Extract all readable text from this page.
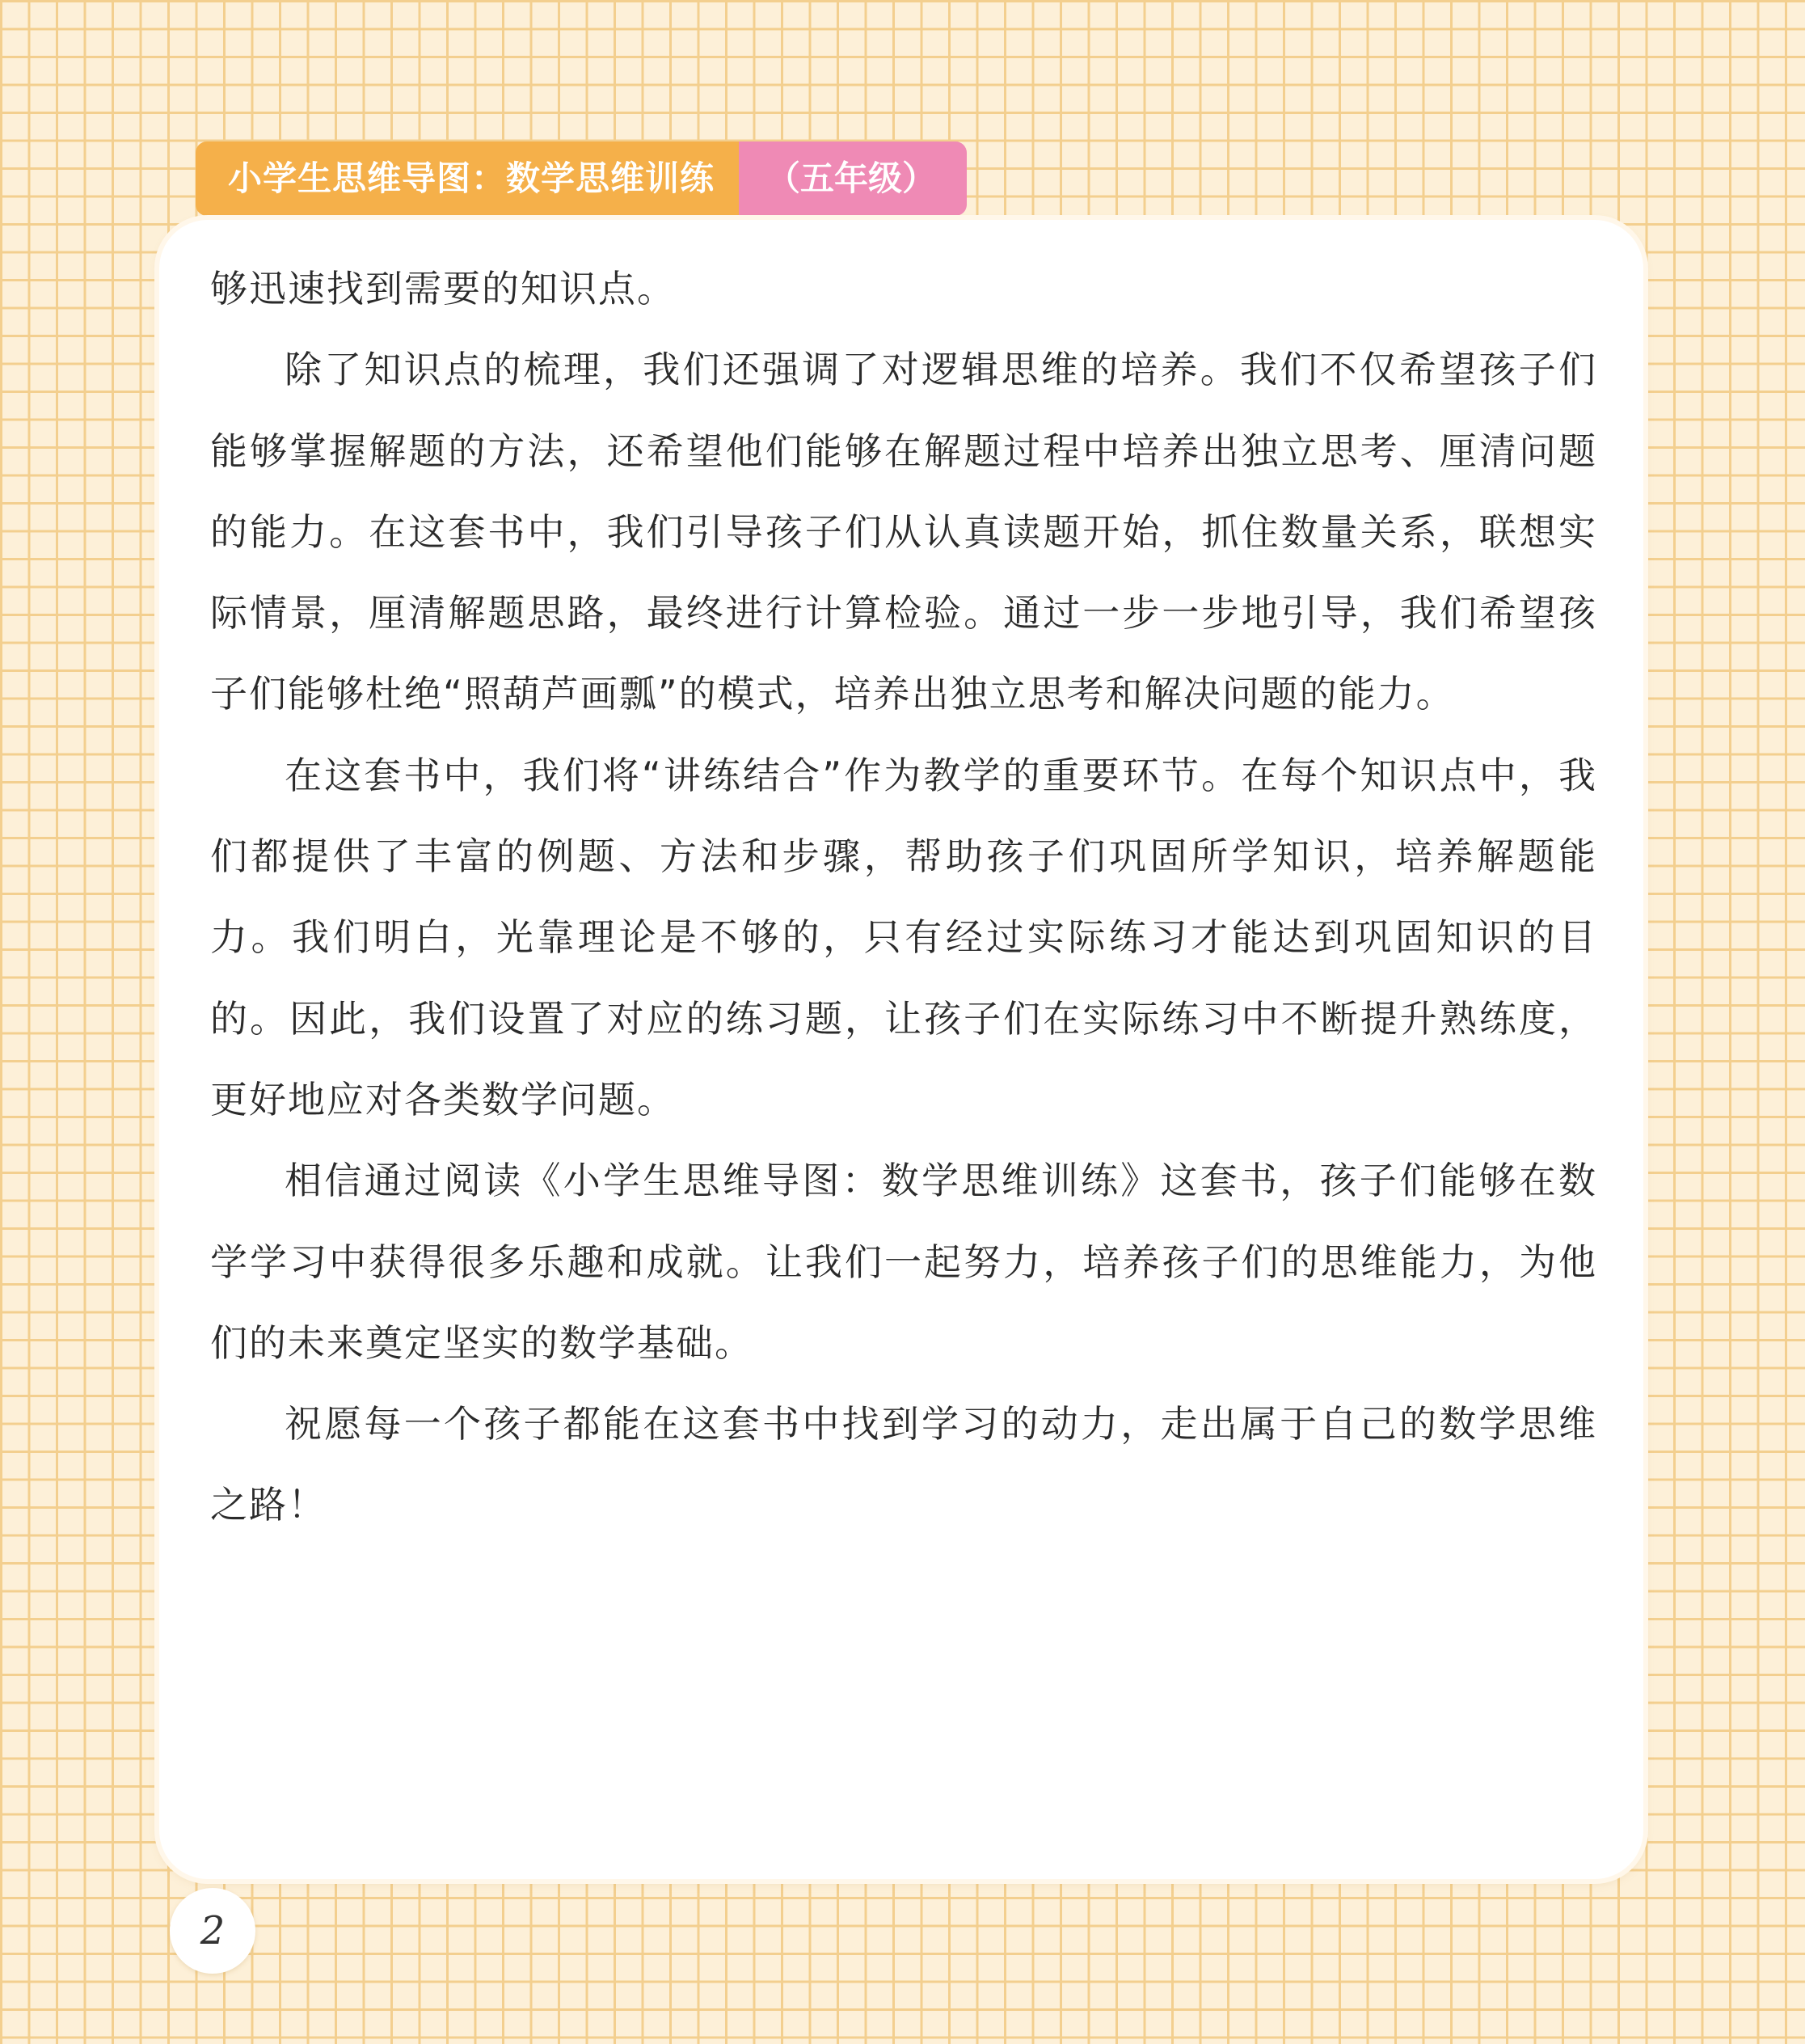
小学生思维导图：数学思维训练	（五年级）

够迅速找到需要的知识点。

除了知识点的梳理，我们还强调了对逻辑思维的培养。我们不仅希望孩子们能够掌握解题的方法，还希望他们能够在解题过程中培养出独立思考、厘清问题的能力。在这套书中，我们引导孩子们从认真读题开始，抓住数量关系，联想实际情景，厘清解题思路，最终进行计算检验。通过一步一步地引导，我们希望孩子们能够杜绝“照葫芦画瓢”的模式，培养出独立思考和解决问题的能力。

在这套书中，我们将“讲练结合”作为教学的重要环节。在每个知识点中，我们都提供了丰富的例题、方法和步骤，帮助孩子们巩固所学知识，培养解题能力。我们明白，光靠理论是不够的，只有经过实际练习才能达到巩固知识的目的。因此，我们设置了对应的练习题，让孩子们在实际练习中不断提升熟练度，更好地应对各类数学问题。

相信通过阅读《小学生思维导图：数学思维训练》这套书，孩子们能够在数学学习中获得很多乐趣和成就。让我们一起努力，培养孩子们的思维能力，为他们的未来奠定坚实的数学基础。

祝愿每一个孩子都能在这套书中找到学习的动力，走出属于自己的数学思维之路！

2
